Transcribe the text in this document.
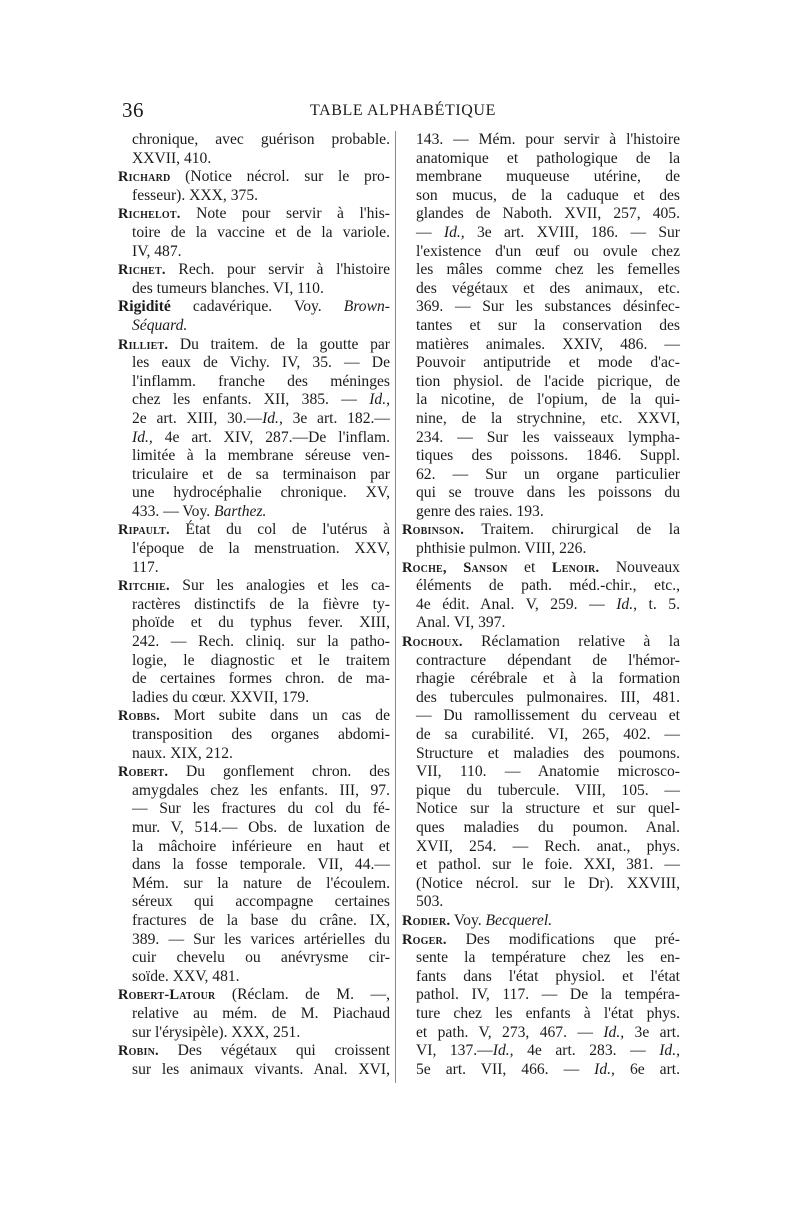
36	TABLE ALPHABÉTIQUE
chronique, avec guérison probable.
XXVII, 410.
Richard (Notice nécrol. sur le pro-
fesseur). XXX, 375.
Richelot. Note pour servir à l'his-
toire de la vaccine et de la variole.
IV, 487.
Richet. Rech. pour servir à l'histoire
des tumeurs blanches. VI, 110.
Rigidité cadavérique. Voy. Brown-
Séquard.
Rilliet. Du traitem. de la goutte par
les eaux de Vichy. IV, 35. — De
l'inflamm. franche des méninges
chez les enfants. XII, 385. — Id.,
2e art. XIII, 30.—Id., 3e art. 182.—
Id., 4e art. XIV, 287.—De l'inflam.
limitée à la membrane séreuse ven-
triculaire et de sa terminaison par
une hydrocéphalie chronique. XV,
433. — Voy. Barthez.
Ripault. État du col de l'utérus à
l'époque de la menstruation. XXV,
117.
Ritchie. Sur les analogies et les ca-
ractères distinctifs de la fièvre ty-
phoïde et du typhus fever. XIII,
242. — Rech. cliniq. sur la patho-
logie, le diagnostic et le traitem
de certaines formes chron. de ma-
ladies du cœur. XXVII, 179.
Robbs. Mort subite dans un cas de
transposition des organes abdomi-
naux. XIX, 212.
Robert. Du gonflement chron. des
amygdales chez les enfants. III, 97.
— Sur les fractures du col du fé-
mur. V, 514.— Obs. de luxation de
la mâchoire inférieure en haut et
dans la fosse temporale. VII, 44.—
Mém. sur la nature de l'écoulem.
séreux qui accompagne certaines
fractures de la base du crâne. IX,
389. — Sur les varices artérielles du
cuir chevelu ou anévrysme cir-
soïde. XXV, 481.
Robert-Latour (Réclam. de M. —,
relative au mém. de M. Piachaud
sur l'érysipèle). XXX, 251.
Robin. Des végétaux qui croissent
sur les animaux vivants. Anal. XVI,
143. — Mém. pour servir à l'histoire
anatomique et pathologique de la
membrane muqueuse utérine, de
son mucus, de la caduque et des
glandes de Naboth. XVII, 257, 405.
— Id., 3e art. XVIII, 186. — Sur
l'existence d'un œuf ou ovule chez
les mâles comme chez les femelles
des végétaux et des animaux, etc.
369. — Sur les substances désinfec-
tantes et sur la conservation des
matières animales. XXIV, 486. —
Pouvoir antiputride et mode d'ac-
tion physiol. de l'acide picrique, de
la nicotine, de l'opium, de la qui-
nine, de la strychnine, etc. XXVI,
234. — Sur les vaisseaux lympha-
tiques des poissons. 1846. Suppl.
62. — Sur un organe particulier
qui se trouve dans les poissons du
genre des raies. 193.
Robinson. Traitem. chirurgical de la
phthisie pulmon. VIII, 226.
Roche, Sanson et Lenoir. Nouveaux
éléments de path. méd.-chir., etc.,
4e édit. Anal. V, 259. — Id., t. 5.
Anal. VI, 397.
Rochoux. Réclamation relative à la
contracture dépendant de l'hémor-
rhagie cérébrale et à la formation
des tubercules pulmonaires. III, 481.
— Du ramollissement du cerveau et
de sa curabilité. VI, 265, 402. —
Structure et maladies des poumons.
VII, 110. — Anatomie microsco-
pique du tubercule. VIII, 105. —
Notice sur la structure et sur quel-
ques maladies du poumon. Anal.
XVII, 254. — Rech. anat., phys.
et pathol. sur le foie. XXI, 381. —
(Notice nécrol. sur le Dr). XXVIII,
503.
Rodier. Voy. Becquerel.
Roger. Des modifications que pré-
sente la température chez les en-
fants dans l'état physiol. et l'état
pathol. IV, 117. — De la tempéra-
ture chez les enfants à l'état phys.
et path. V, 273, 467. — Id., 3e art.
VI, 137.—Id., 4e art. 283. — Id.,
5e art. VII, 466. — Id., 6e art.
